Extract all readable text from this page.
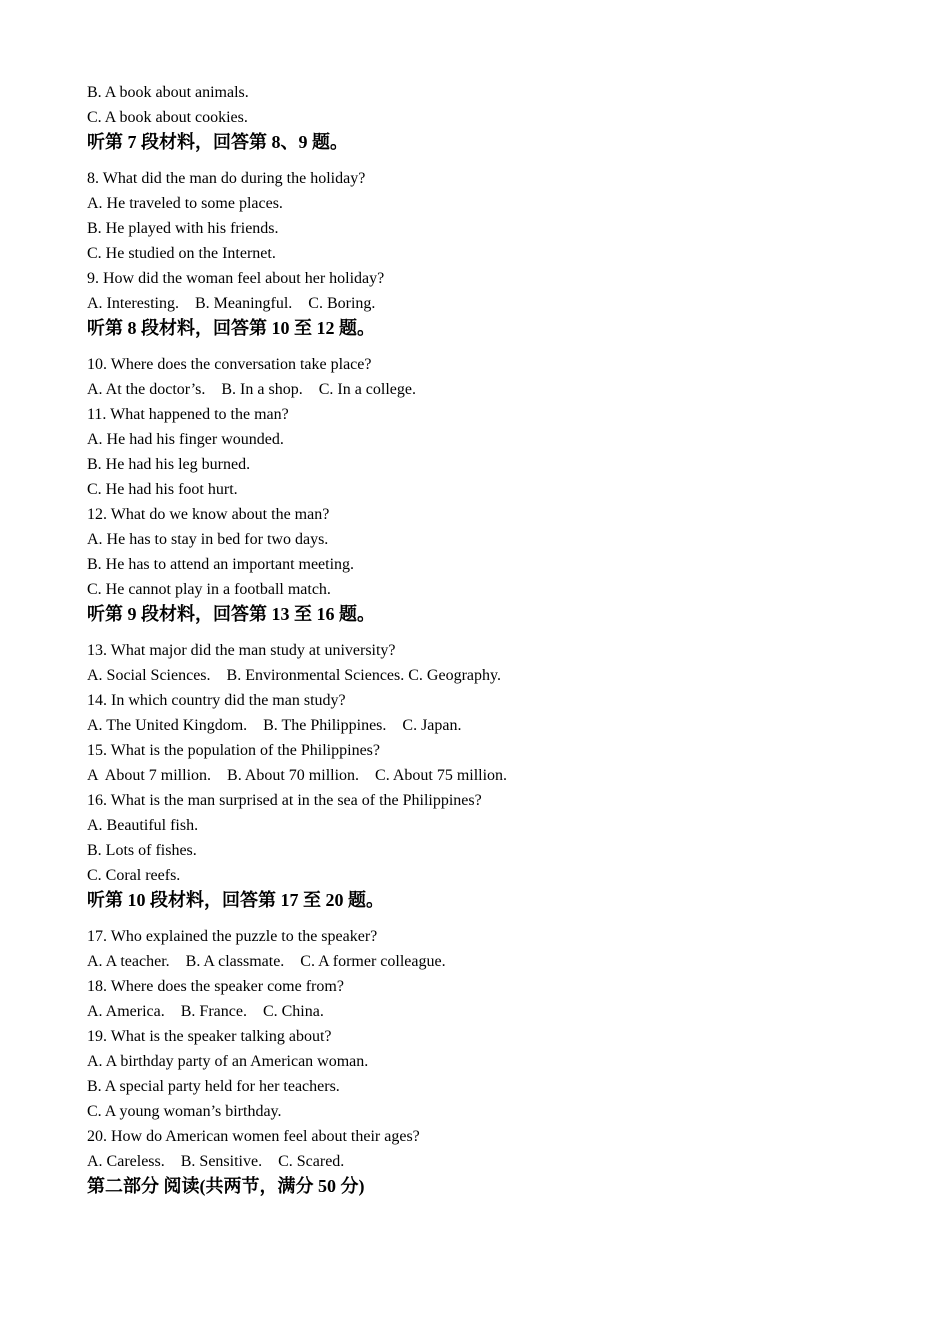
B. A book about animals.
C. A book about cookies.
听第 7 段材料，回答第 8、9 题。
8. What did the man do during the holiday?
A. He traveled to some places.
B. He played with his friends.
C. He studied on the Internet.
9. How did the woman feel about her holiday?
A. Interesting.    B. Meaningful.    C. Boring.
听第 8 段材料，回答第 10 至 12 题。
10. Where does the conversation take place?
A. At the doctor’s.    B. In a shop.    C. In a college.
11. What happened to the man?
A. He had his finger wounded.
B. He had his leg burned.
C. He had his foot hurt.
12. What do we know about the man?
A. He has to stay in bed for two days.
B. He has to attend an important meeting.
C. He cannot play in a football match.
听第 9 段材料，回答第 13 至 16 题。
13. What major did the man study at university?
A. Social Sciences.    B. Environmental Sciences. C. Geography.
14. In which country did the man study?
A. The United Kingdom.    B. The Philippines.    C. Japan.
15. What is the population of the Philippines?
A  About 7 million.    B. About 70 million.    C. About 75 million.
16. What is the man surprised at in the sea of the Philippines?
A. Beautiful fish.
B. Lots of fishes.
C. Coral reefs.
听第 10 段材料，回答第 17 至 20 题。
17. Who explained the puzzle to the speaker?
A. A teacher.    B. A classmate.    C. A former colleague.
18. Where does the speaker come from?
A. America.    B. France.    C. China.
19. What is the speaker talking about?
A. A birthday party of an American woman.
B. A special party held for her teachers.
C. A young woman’s birthday.
20. How do American women feel about their ages?
A. Careless.    B. Sensitive.    C. Scared.
第二部分 阅读(共两节，满分 50 分)
